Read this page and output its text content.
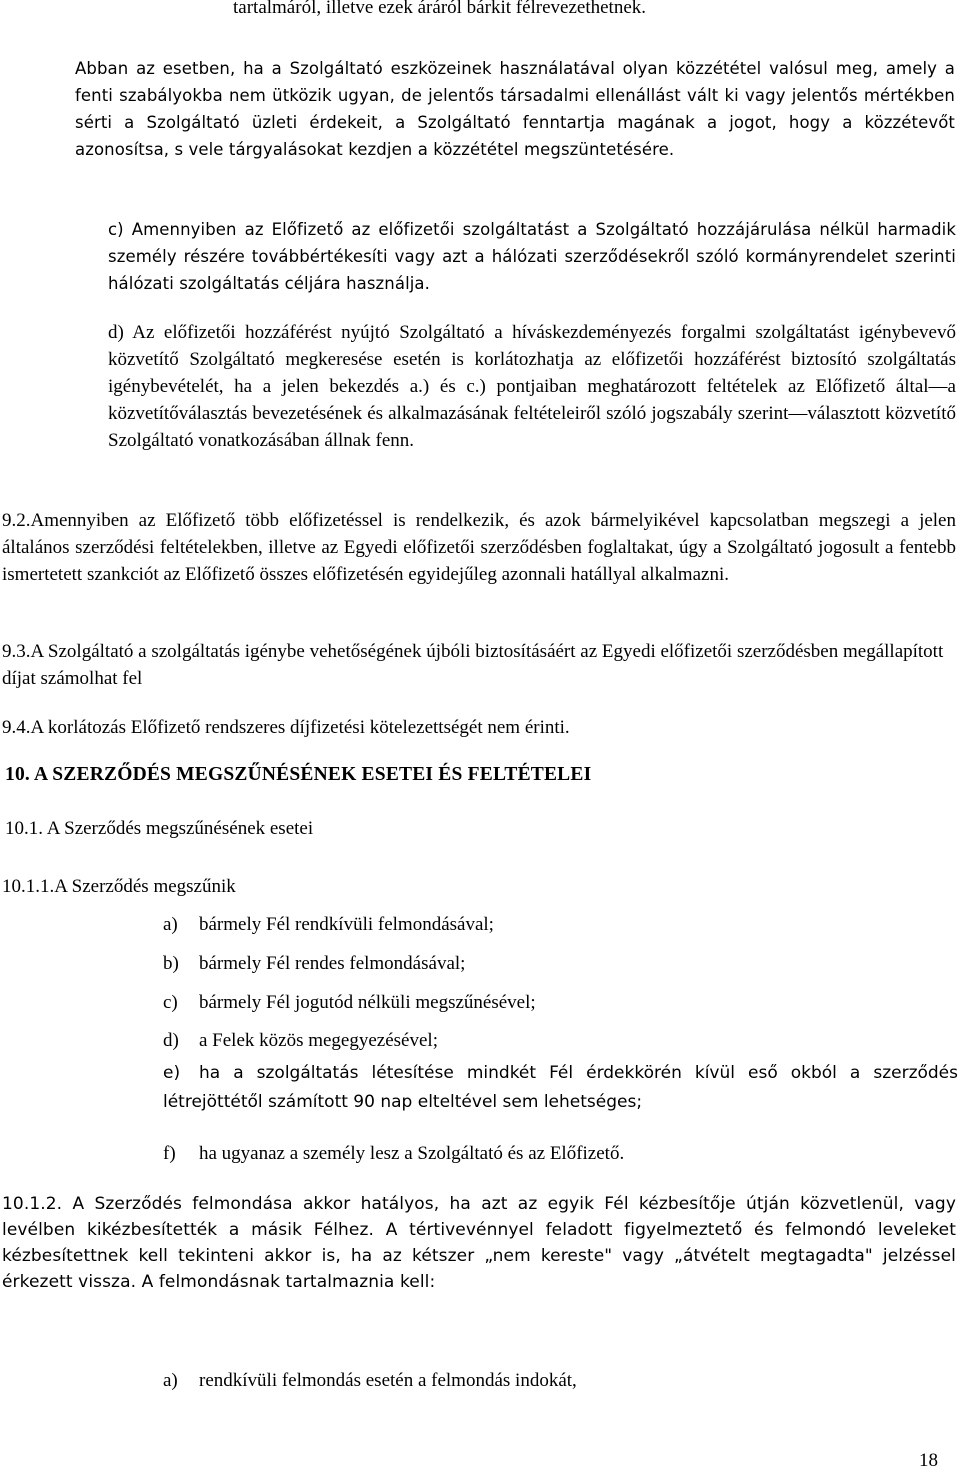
tartalmáról, illetve ezek áráról bárkit félrevezethetnek.

Abban az esetben, ha a Szolgáltató eszközeinek használatával olyan közzététel valósul meg, amely a fenti szabályokba nem ütközik ugyan, de jelentős társadalmi ellenállást vált ki vagy jelentős mértékben sérti a Szolgáltató üzleti érdekeit, a Szolgáltató fenntartja magának a jogot, hogy a közzétevőt azonosítsa, s vele tárgyalásokat kezdjen a közzététel megszüntetésére.

c) Amennyiben az Előfizető az előfizetői szolgáltatást a Szolgáltató hozzájárulása nélkül harmadik személy részére továbbértékesíti vagy azt a hálózati szerződésekről szóló kormányrendelet szerinti hálózati szolgáltatás céljára használja.

d) Az előfizetői hozzáférést nyújtó Szolgáltató a híváskezdeményezés forgalmi szolgáltatást igénybevevő közvetítő Szolgáltató megkeresése esetén is korlátozhatja az előfizetői hozzáférést biztosító szolgáltatás igénybevételét, ha a jelen bekezdés a.) és c.) pontjaiban meghatározott feltételek az Előfizető által—a közvetítőválasztás bevezetésének és alkalmazásának feltételeiről szóló jogszabály szerint—választott közvetítő Szolgáltató vonatkozásában állnak fenn.

9.2.Amennyiben az Előfizető több előfizetéssel is rendelkezik, és azok bármelyikével kapcsolatban megszegi a jelen általános szerződési feltételekben, illetve az Egyedi előfizetői szerződésben foglaltakat, úgy a Szolgáltató jogosult a fentebb ismertetett szankciót az Előfizető összes előfizetésén egyidejűleg azonnali hatállyal alkalmazni.

9.3.A Szolgáltató a szolgáltatás igénybe vehetőségének újbóli biztosításáért az Egyedi előfizetői szerződésben megállapított díjat számolhat fel

9.4.A korlátozás Előfizető rendszeres díjfizetési kötelezettségét nem érinti.

10. A SZERZŐDÉS MEGSZŰNÉSÉNEK ESETEI ÉS FELTÉTELEI

10.1. A Szerződés megszűnésének esetei

10.1.1.A Szerződés megszűnik

a) bármely Fél rendkívüli felmondásával;
b) bármely Fél rendes felmondásával;
c) bármely Fél jogutód nélküli megszűnésével;
d) a Felek közös megegyezésével;
e) ha a szolgáltatás létesítése mindkét Fél érdekkörén kívül eső okból a szerződés létrejöttétől számított 90 nap elteltével sem lehetséges;
f) ha ugyanaz a személy lesz a Szolgáltató és az Előfizető.

10.1.2. A Szerződés felmondása akkor hatályos, ha azt az egyik Fél kézbesítője útján közvetlenül, vagy levélben kikézbesítették a másik Félhez. A tértivevénnyel feladott figyelmeztető és felmondó leveleket kézbesítettnek kell tekinteni akkor is, ha az kétszer „nem kereste" vagy „átvételt megtagadta" jelzéssel érkezett vissza. A felmondásnak tartalmaznia kell:

a) rendkívüli felmondás esetén a felmondás indokát,
18
